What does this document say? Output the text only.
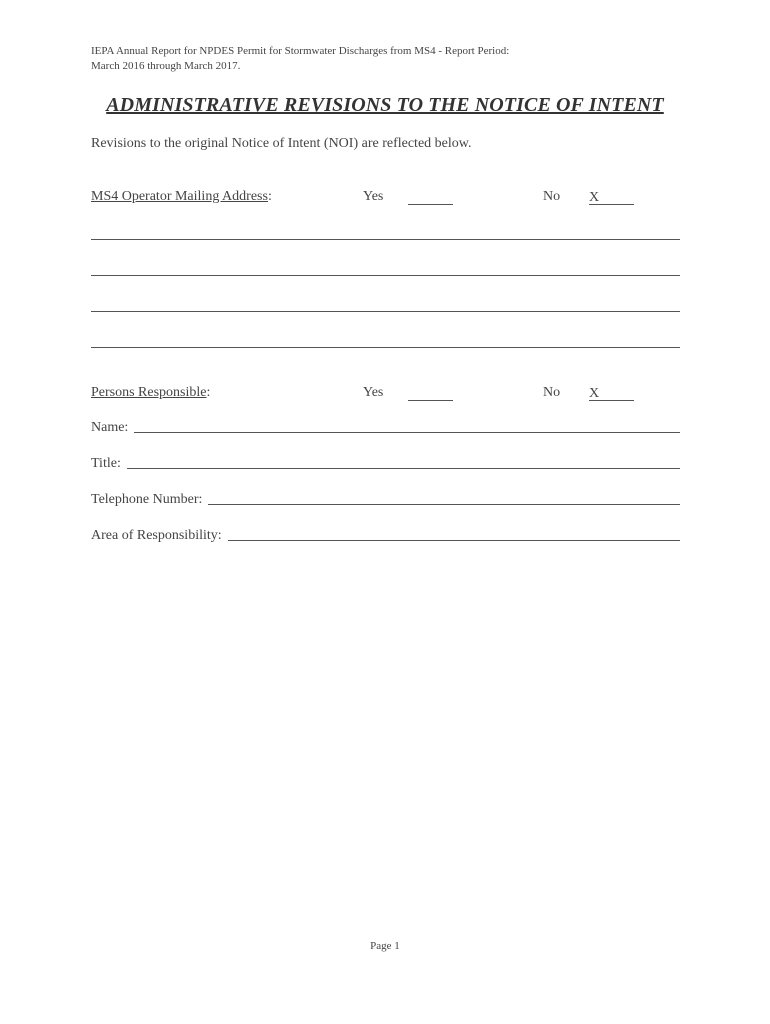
IEPA Annual Report for NPDES Permit for Stormwater Discharges from MS4 - Report Period:
March 2016 through March 2017.
ADMINISTRATIVE REVISIONS TO THE NOTICE OF INTENT
Revisions to the original Notice of Intent (NOI) are reflected below.
MS4 Operator Mailing Address:	Yes	No X
Persons Responsible:	Yes	No X
Name:
Title:
Telephone Number:
Area of Responsibility:
Page 1
